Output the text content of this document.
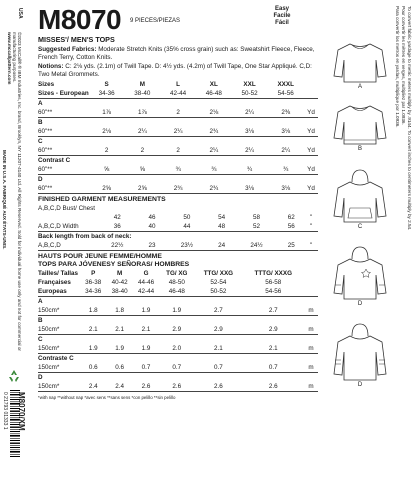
USA
©2023 McCall® ® IBM Industries, Inc. brand, Brooklyn, NY 11207-4140 Ltd. All Rights Reserved. Sold for individual home use only and not for commercial or manufacturing purposes.
www.mccallpattern.com
MADE IN U.S.A. FABRIQUÉ AUX ÉTATS-UNIS.
0 21793 01333 1 M8070/XM
M8070 9 PIECES/PIEZAS
Easy
Facile
Fácil
MISSES'/ MEN'S TOPS
Suggested Fabrics: Moderate Stretch Knits (35% cross grain) such as: Sweatshirt Fleece, Fleece, French Terry, Cotton Knits.
Notions: C: 2⅛ yds. (2.1m) of Twill Tape. D: 4½ yds. (4.2m) of Twill Tape, One Star Appliqué. C,D: Two Metal Grommets.
Sizes	S	M	L	XL	XXL	XXXL	
Sizes - European	34-36	38-40	42-44	46-48	50-52	54-56	
A							
60"**	1⅞	1⅞	2	2⅛	2¼	2⅜	Yd
B							
60"**	2⅛	2¼	2¼	2¾	3⅛	3⅛	Yd
C							
60"**	2	2	2	2¼	2¼	2¼	Yd
Contrast C							
60"**	⅝	⅝	¾	¾	¾	¾	Yd
D							
60"**	2⅝	2⅝	2¾	2¾	3⅛	3⅛	Yd
FINISHED GARMENT MEASUREMENTS
A,B,C,D Bust/ Chest							
	42	46	50	54	58	62	"
A,B,C,D Width	36	40	44	48	52	56	"
Back length from back of neck:							
A,B,C,D	22½	23	23½	24	24½	25	"
HAUTS POUR JEUNE FEMME/HOMME
TOPS PARA JÓVENESY SEÑORAS/ HOMBRES
Tailles/ Tallas	P	M	G	TG/ XG	TTG/ XXG	TTTG/ XXXG	
Françaises	36-38	40-42	44-46	48-50	52-54	56-58	
Europeas	34-36	38-40	42-44	46-48	50-52	54-56	
A							
150cm*	1.8	1.8	1.9	1.9	2.7	2.7	m
B							
150cm*	2.1	2.1	2.1	2.9	2.9	2.9	m
C							
150cm*	1.9	1.9	1.9	2.0	2.1	2.1	m
Contraste C							
150cm*	0.6	0.6	0.7	0.7	0.7	0.7	m
D							
150cm*	2.4	2.4	2.6	2.6	2.6	2.6	m
*with nap **without nap *avec sens **sans sens *con pelillo **sin pelillo
A
B
C
D
D
To convert fabric yardage to metric meters multiply by .9144. To convert inches to centimeters multiply by 2.54.
Pour convertir les mètres en verges, multipliez par 1.0936.
Para convertir los metros en yardas, multiplique por 1.0936.
